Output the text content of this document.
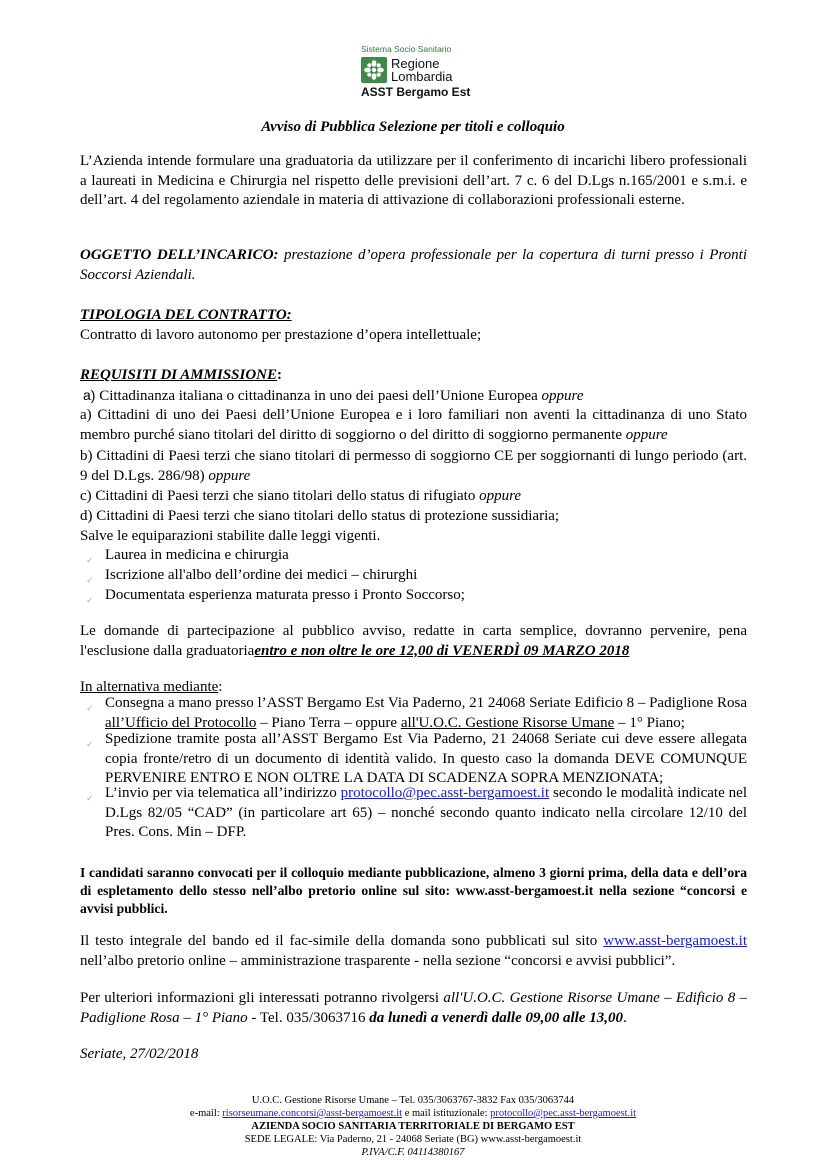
Sistema Socio Sanitario
Regione
Lombardia
ASST Bergamo Est
Avviso di Pubblica Selezione per titoli e colloquio

L’Azienda intende formulare una graduatoria da utilizzare per il conferimento di incarichi libero professionali a laureati in Medicina e Chirurgia nel rispetto delle previsioni dell’art. 7 c. 6 del D.Lgs n.165/2001 e s.m.i. e dell’art. 4 del regolamento aziendale in materia di attivazione di collaborazioni professionali esterne.

OGGETTO DELL’INCARICO: prestazione d’opera professionale per la copertura di turni presso i Pronti Soccorsi Aziendali.

TIPOLOGIA DEL CONTRATTO:

Contratto di lavoro autonomo per prestazione d’opera intellettuale;

REQUISITI DI AMMISSIONE:

a) Cittadinanza italiana o cittadinanza in uno dei paesi dell’Unione Europea oppure

a) Cittadini di uno dei Paesi dell’Unione Europea e i loro familiari non aventi la cittadinanza di uno Stato membro purché siano titolari del diritto di soggiorno o del diritto di soggiorno permanente oppure

b) Cittadini di Paesi terzi che siano titolari di permesso di soggiorno CE per soggiornanti di lungo periodo (art. 9 del D.Lgs. 286/98) oppure

c) Cittadini di Paesi terzi che siano titolari dello status di rifugiato oppure

d) Cittadini di Paesi terzi che siano titolari dello status di protezione sussidiaria;

Salve le equiparazioni stabilite dalle leggi vigenti.

✓ Laurea in medicina e chirurgia

✓ Iscrizione all'albo dell’ordine dei medici – chirurghi

✓ Documentata esperienza maturata presso i Pronto Soccorso;

Le domande di partecipazione al pubblico avviso, redatte in carta semplice, dovranno pervenire, pena l'esclusione dalla graduatoriaentro e non oltre le ore 12,00 di VENERDÌ 09 MARZO 2018

In alternativa mediante:

✓ Consegna a mano presso l’ASST Bergamo Est Via Paderno, 21 24068 Seriate Edificio 8 – Padiglione Rosa all’Ufficio del Protocollo – Piano Terra – oppure all'U.O.C. Gestione Risorse Umane – 1° Piano;

✓ Spedizione tramite posta all’ASST Bergamo Est Via Paderno, 21 24068 Seriate cui deve essere allegata copia fronte/retro di un documento di identità valido. In questo caso la domanda DEVE COMUNQUE PERVENIRE ENTRO E NON OLTRE LA DATA DI SCADENZA SOPRA MENZIONATA;

✓ L’invio per via telematica all’indirizzo protocollo@pec.asst-bergamoest.it secondo le modalità indicate nel D.Lgs 82/05 “CAD” (in particolare art 65) – nonché secondo quanto indicato nella circolare 12/10 del Pres. Cons. Min – DFP.

I candidati saranno convocati per il colloquio mediante pubblicazione, almeno 3 giorni prima, della data e dell’ora di espletamento dello stesso nell’albo pretorio online sul sito: www.asst-bergamoest.it nella sezione “concorsi e avvisi pubblici.

Il testo integrale del bando ed il fac-simile della domanda sono pubblicati sul sito www.asst-bergamoest.it nell’albo pretorio online – amministrazione trasparente - nella sezione “concorsi e avvisi pubblici”.

Per ulteriori informazioni gli interessati potranno rivolgersi all'U.O.C. Gestione Risorse Umane – Edificio 8 – Padiglione Rosa – 1° Piano - Tel. 035/3063716 da lunedì a venerdì dalle 09,00 alle 13,00.

Seriate, 27/02/2018

U.O.C. Gestione Risorse Umane – Tel. 035/3063767-3832 Fax 035/3063744

e-mail: risorseumane.concorsi@asst-bergamoest.it e mail istituzionale: protocollo@pec.asst-bergamoest.it

AZIENDA SOCIO SANITARIA TERRITORIALE DI BERGAMO EST

SEDE LEGALE: Via Paderno, 21 - 24068 Seriate (BG) www.asst-bergamoest.it

P.IVA/C.F. 04114380167
